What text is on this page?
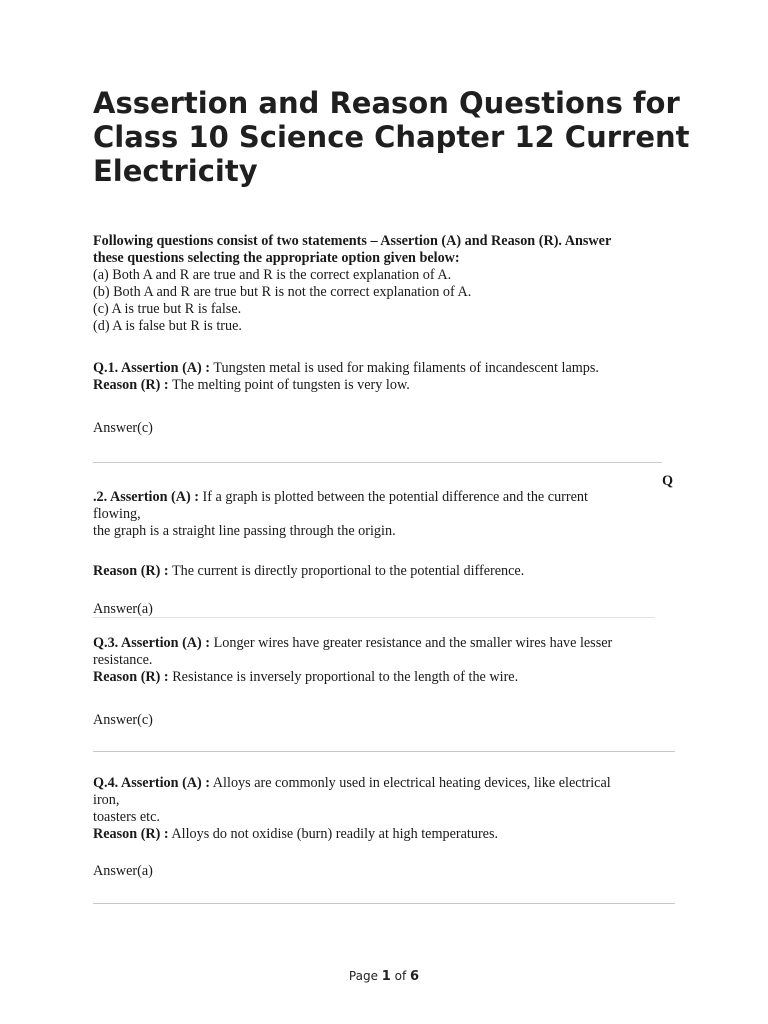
Assertion and Reason Questions for Class 10 Science Chapter 12 Current   Electricity
Following questions consist of two statements – Assertion (A) and Reason (R). Answer
these questions selecting the appropriate option given below:
(a) Both A and R are true and R is the correct explanation of A.
(b) Both A and R are true but R is not the correct explanation of A.
(c) A is true but R is false.
(d) A is false but R is true.
Q.1. Assertion (A) : Tungsten metal is used for making filaments of incandescent lamps.
Reason (R) : The melting point of tungsten is very low.
Answer(c)
Q
.2. Assertion (A) : If a graph is plotted between the potential difference and the current
flowing,
the graph is a straight line passing through the origin.
Reason (R) : The current is directly proportional to the potential difference.
Answer(a)
Q.3. Assertion (A) : Longer wires have greater resistance and the smaller wires have lesser
resistance.
Reason (R) : Resistance is inversely proportional to the length of the wire.
Answer(c)
Q.4. Assertion (A) : Alloys are commonly used in electrical heating devices, like electrical
iron,
toasters etc.
Reason (R) : Alloys do not oxidise (burn) readily at high temperatures.
Answer(a)
Page 1 of 6
